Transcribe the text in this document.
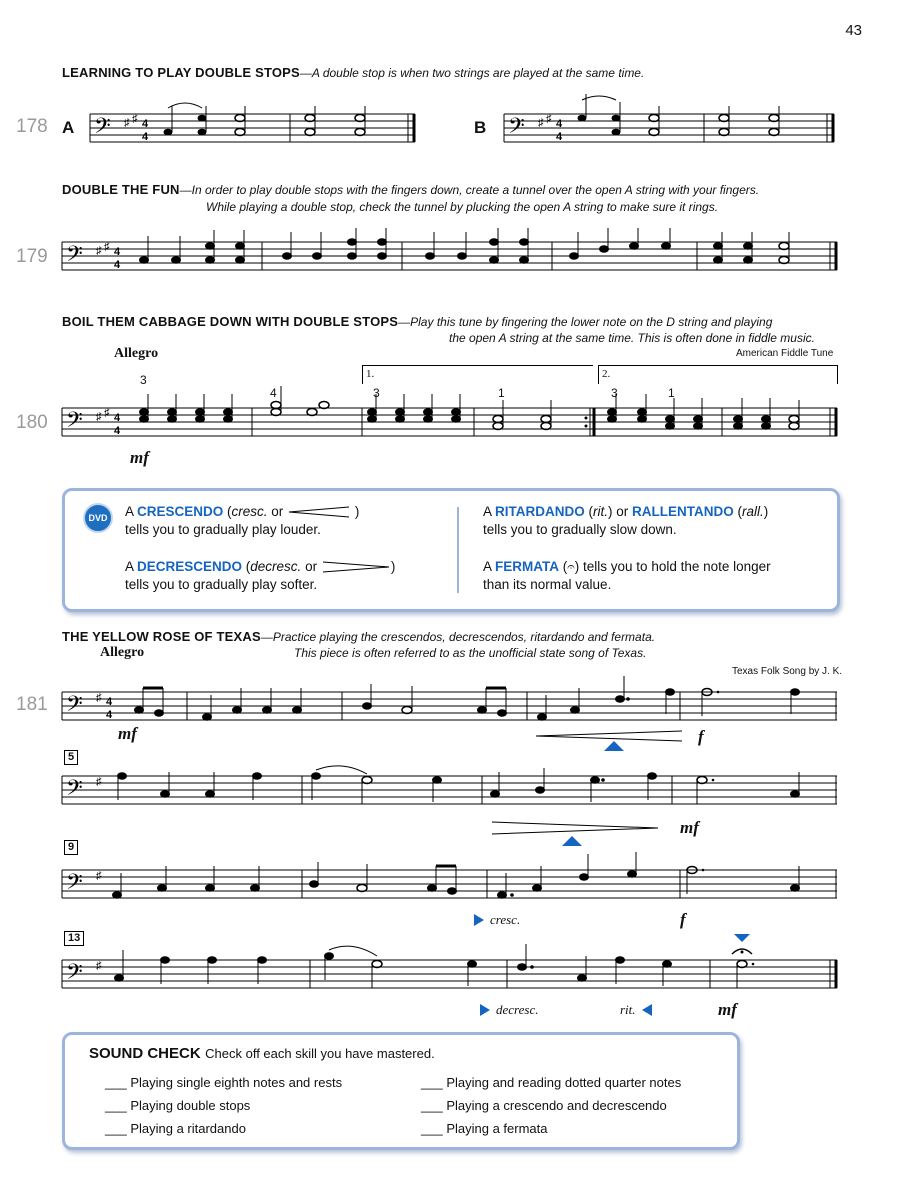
43
LEARNING TO PLAY DOUBLE STOPS—A double stop is when two strings are played at the same time.
178 A	B
𝄢 ♯ ♯ 4
4	𝄢 ♯ ♯ 4
4
DOUBLE THE FUN—In order to play double stops with the fingers down, create a tunnel over the open A string with your fingers.
While playing a double stop, check the tunnel by plucking the open A string to make sure it rings.
179 𝄢 ♯ ♯ 4
4
BOIL THEM CABBAGE DOWN WITH DOUBLE STOPS—Play this tune by fingering the lower note on the D string and playing
the open A string at the same time. This is often done in fiddle music.
Allegro	American Fiddle Tune
180
1.	2.
3
4	3	1	3	1
𝄢 ♯ ♯ 4
4
mf
DVD	A CRESCENDO (cresc. or	)
tells you to gradually play louder.
A DECRESCENDO (decresc. or	)
tells you to gradually play softer.
A RITARDANDO (rit.) or RALLENTANDO (rall.)
tells you to gradually slow down.
A FERMATA (𝄐) tells you to hold the note longer
than its normal value.
THE YELLOW ROSE OF TEXAS—Practice playing the crescendos, decrescendos, ritardando and fermata.
This piece is often referred to as the unofficial state song of Texas.
Allegro
Texas Folk Song by J. K.
181 𝄢 ♯ 4
4
mf	f
5
𝄢 ♯
mf
9
𝄢 ♯
cresc.	f
13
𝄢 ♯
decresc.	rit.	mf
SOUND CHECK Check off each skill you have mastered.
___ Playing single eighth notes and rests	___ Playing and reading dotted quarter notes
___ Playing double stops	___ Playing a crescendo and decrescendo
___ Playing a ritardando	___ Playing a fermata
